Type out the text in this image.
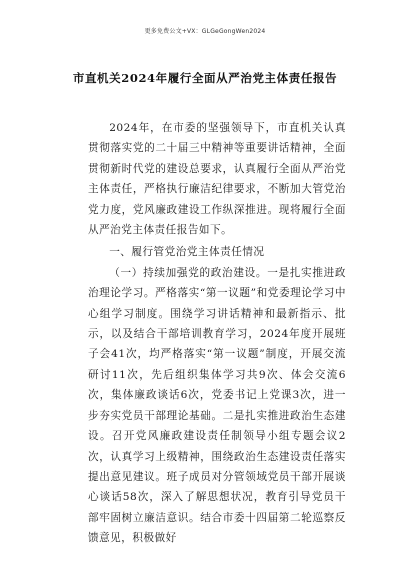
更多免费公文+VX：GLGeGongWen2024
市直机关2024年履行全面从严治党主体责任报告

2024年，在市委的坚强领导下，市直机关认真贯彻落实党的二十届三中精神等重要讲话精神，全面贯彻新时代党的建设总要求，认真履行全面从严治党主体责任，严格执行廉洁纪律要求，不断加大管党治党力度，党风廉政建设工作纵深推进。现将履行全面从严治党主体责任报告如下。

一、履行管党治党主体责任情况

（一）持续加强党的政治建设。一是扎实推进政治理论学习。严格落实“第一议题”和党委理论学习中心组学习制度。围绕学习讲话精神和最新指示、批示，以及结合干部培训教育学习，2024年度开展班子会41次，均严格落实“第一议题”制度，开展交流研讨11次，先后组织集体学习共9次、体会交流6次，集体廉政谈话6次，党委书记上党课3次，进一步夯实党员干部理论基础。二是扎实推进政治生态建设。召开党风廉政建设责任制领导小组专题会议2次，认真学习上级精神，围绕政治生态建设责任落实提出意见建议。班子成员对分管领域党员干部开展谈心谈话58次，深入了解思想状况，教育引导党员干部牢固树立廉洁意识。结合市委十四届第二轮巡察反馈意见，积极做好
